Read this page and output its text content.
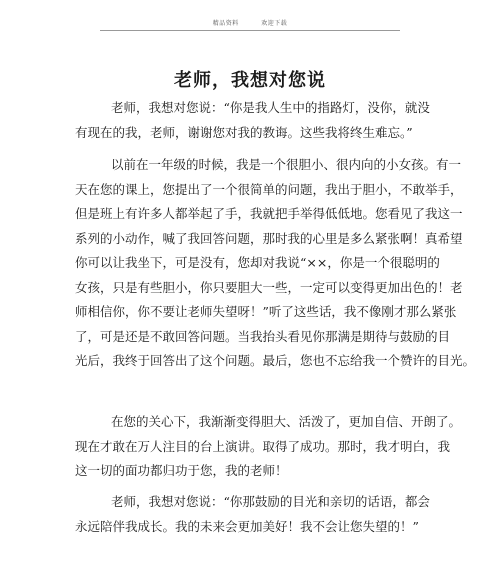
精品资料	欢迎下载
老师，我想对您说
老师，我想对您说：“你是我人生中的指路灯，没你，就没
有现在的我，老师，谢谢您对我的教诲。这些我将终生难忘。”
以前在一年级的时候，我是一个很胆小、很内向的小女孩。有一
天在您的课上，您提出了一个很简单的问题，我出于胆小，不敢举手，
但是班上有许多人都举起了手，我就把手举得低低地。您看见了我这一
系列的小动作，喊了我回答问题，那时我的心里是多么紧张啊！真希望
你可以让我坐下，可是没有，您却对我说“××，你是一个很聪明的
女孩，只是有些胆小，你只要胆大一些，一定可以变得更加出色的！老
师相信你，你不要让老师失望呀！”听了这些话，我不像刚才那么紧张
了，可是还是不敢回答问题。当我抬头看见你那满是期待与鼓励的目
光后，我终于回答出了这个问题。最后，您也不忘给我一个赞许的目光。
在您的关心下，我渐渐变得胆大、活泼了，更加自信、开朗了。
现在才敢在万人注目的台上演讲。取得了成功。那时，我才明白，我
这一切的面功都归功于您，我的老师！
老师，我想对您说：“你那鼓励的目光和亲切的话语，都会
永远陪伴我成长。我的未来会更加美好！我不会让您失望的！”
